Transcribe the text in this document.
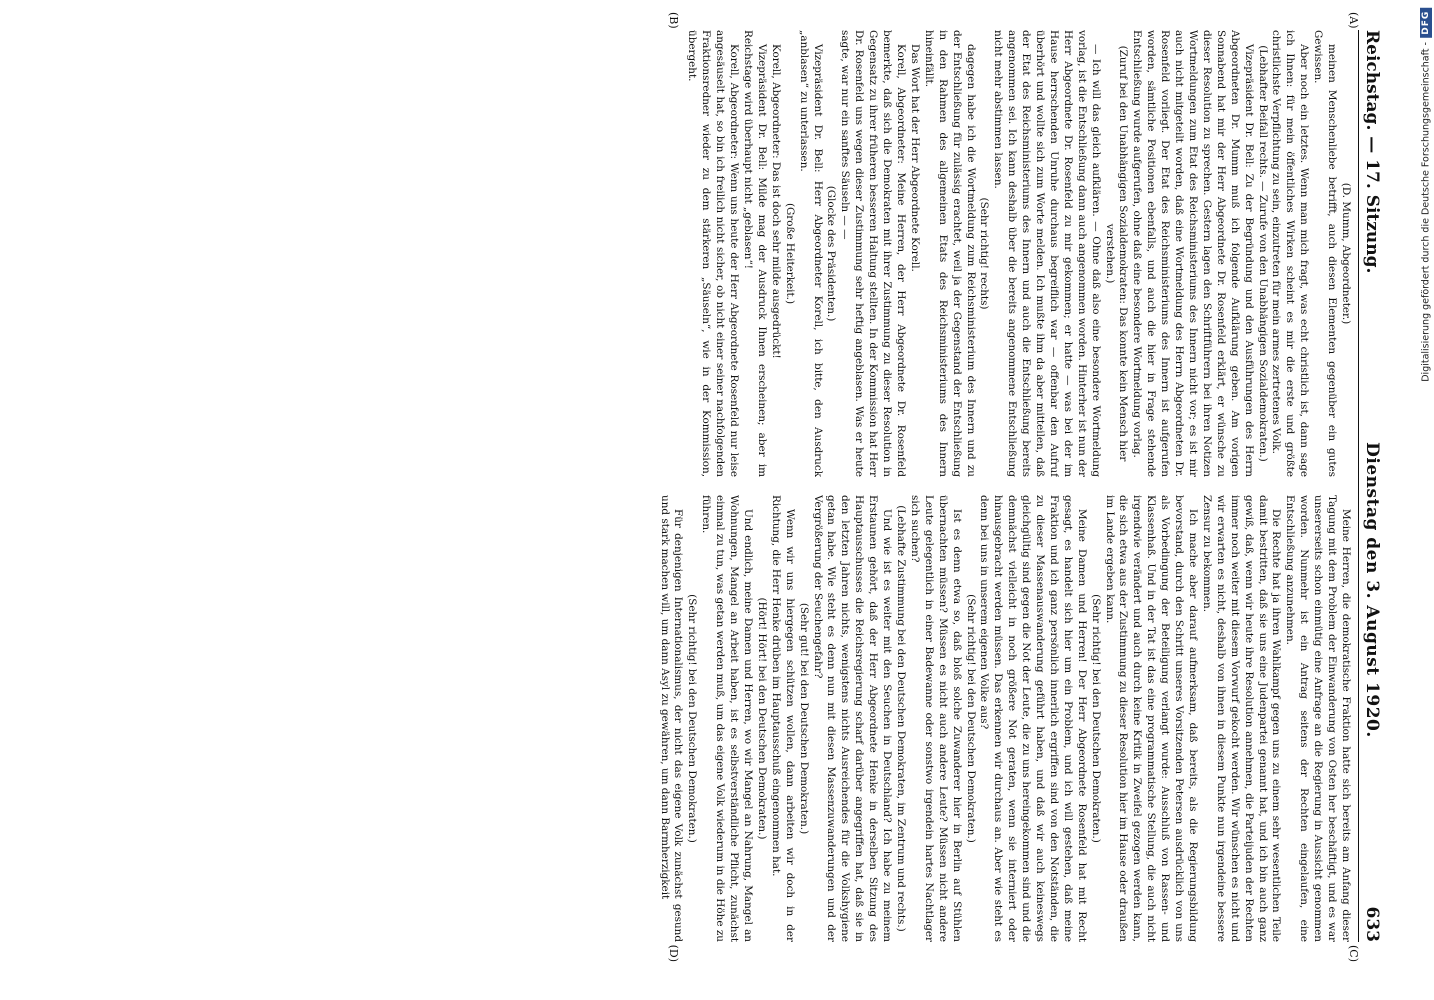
Digitalisierung gefördert durch die Deutsche Forschungsgemeinschaft -
DFG
Reichstag. — 17. Sitzung.
Dienstag den 3. August 1920.
633

(D. Mumm, Abgeordneter.)

meinen Menschenliebe betrifft, auch diesen Elementen gegenüber ein gutes Gewissen.

Aber noch ein letztes. Wenn man mich fragt, was echt christlich ist, dann sage ich Ihnen: für mein öffentliches Wirken scheint es mir die erste und größte christlichste Verpflichtung zu sein, einzutreten für mein armes zertretenes Volk.

(Lebhafter Beifall rechts. — Zurufe von den Unabhängigen Sozialdemokraten.)

Vizepräsident Dr. Bell: Zu der Begründung und den Ausführungen des Herrn Abgeordneten Dr. Mumm muß ich folgende Aufklärung geben. Am vorigen Sonnabend hat mir der Herr Abgeordnete Dr. Rosenfeld erklärt, er wünsche zu dieser Resolution zu sprechen. Gestern lagen den Schriftführern bei ihren Notizen Wortmeldungen zum Etat des Reichsministeriums des Innern nicht vor; es ist mir auch nicht mitgeteilt worden, daß eine Wortmeldung des Herrn Abgeordneten Dr. Rosenfeld vorliegt. Der Etat des Reichsministeriums des Innern ist aufgerufen worden, sämtliche Positionen ebenfalls, und auch die hier in Frage stehende Entschließung wurde aufgerufen, ohne daß eine besondere Wortmeldung vorlag.

(Zuruf bei den Unabhängigen Sozialdemokraten: Das konnte kein Mensch hier verstehen.)

— Ich will das gleich aufklären. — Ohne daß also eine besondere Wortmeldung vorlag, ist die Entschließung dann auch angenommen worden. Hinterher ist nun der Herr Abgeordnete Dr. Rosenfeld zu mir gekommen; er hatte — was bei der im Hause herrschenden Unruhe durchaus begreiflich war — offenbar den Aufruf überhört und wollte sich zum Worte melden. Ich mußte ihm da aber mitteilen, daß der Etat des Reichsministeriums des Innern und auch die Entschließung bereits angenommen sei. Ich kann deshalb über die bereits angenommene Entschließung nicht mehr abstimmen lassen.

(Sehr richtig! rechts)

dagegen habe ich die Wortmeldung zum Reichsministerium des Innern und zu der Entschließung für zulässig erachtet, weil ja der Gegenstand der Entschließung in den Rahmen des allgemeinen Etats des Reichsministeriums des Innern hineinfällt.

Das Wort hat der Herr Abgeordnete Korell.

Korell, Abgeordneter: Meine Herren, der Herr Abgeordnete Dr. Rosenfeld bemerkte, daß sich die Demokraten mit ihrer Zustimmung zu dieser Resolution in Gegensatz zu ihrer früheren besseren Haltung stellten. In der Kommission hat Herr Dr. Rosenfeld uns wegen dieser Zustimmung sehr heftig angeblasen. Was er heute sagte, war nur ein sanftes Säuseln — —

(Glocke des Präsidenten.)

Vizepräsident Dr. Bell: Herr Abgeordneter Korell, ich bitte, den Ausdruck „anblasen“ zu unterlassen.

(Große Heiterkeit.)

Korell, Abgeordneter: Das ist doch sehr milde ausgedrückt!

Vizepräsident Dr. Bell: Milde mag der Ausdruck Ihnen erscheinen; aber im Reichstage wird überhaupt nicht „geblasen“!

Korell, Abgeordneter: Wenn uns heute der Herr Abgeordnete Rosenfeld nur leise angesäuselt hat, so bin ich freilich nicht sicher, ob nicht einer seiner nachfolgenden Fraktionsredner wieder zu dem stärkeren „Säuseln“, wie in der Kommission, übergeht.

Meine Herren, die demokratische Fraktion hatte sich bereits am Anfang dieser Tagung mit dem Problem der Einwanderung von Osten her beschäftigt, und es war unsererseits schon einmütig eine Anfrage an die Regierung in Aussicht genommen worden. Nunmehr ist ein Antrag seitens der Rechten eingelaufen, eine Entschließung anzunehmen.

Die Rechte hat ja ihren Wahlkampf gegen uns zu einem sehr wesentlichen Teile damit bestritten, daß sie uns eine Judenpartei genannt hat, und ich bin auch ganz gewiß, daß, wenn wir heute ihre Resolution annehmen, die Parteijuden der Rechten immer noch weiter mit diesem Vorwurf gekocht werden. Wir wünschen es nicht und wir erwarten es nicht, deshalb von ihnen in diesem Punkte nun irgendeine bessere Zensur zu bekommen.

Ich mache aber darauf aufmerksam, daß bereits, als die Regierungsbildung bevorstand, durch den Schritt unseres Vorsitzenden Petersen ausdrücklich von uns als Vorbedingung der Beteiligung verlangt wurde: Ausschluß von Rassen- und Klassenhaß. Und in der Tat ist das eine programmatische Stellung, die auch nicht irgendwie verändert und auch durch keine Kritik in Zweifel gezogen werden kann, die sich etwa aus der Zustimmung zu dieser Resolution hier im Hause oder draußen im Lande ergeben kann.

(Sehr richtig! bei den Deutschen Demokraten.)

Meine Damen und Herren! Der Herr Abgeordnete Rosenfeld hat mit Recht gesagt, es handelt sich hier um ein Problem, und ich will gestehen, daß meine Fraktion und ich ganz persönlich innerlich ergriffen sind von den Notständen, die zu dieser Massenauswanderung geführt haben, und daß wir auch keineswegs gleichgültig sind gegen die Not der Leute, die zu uns hereingekommen sind und die demnächst vielleicht in noch größere Not geraten, wenn sie interniert oder hinausgebracht werden müssen. Das erkennen wir durchaus an. Aber wie steht es denn bei uns in unserem eigenen Volke aus?

(Sehr richtig! bei den Deutschen Demokraten.)

Ist es denn etwa so, daß bloß solche Zuwanderer hier in Berlin auf Stühlen übernachten müssen? Müssen es nicht auch andere Leute? Müssen nicht andere Leute gelegentlich in einer Badewanne oder sonstwo irgendein hartes Nachtlager sich suchen?

(Lebhafte Zustimmung bei den Deutschen Demokraten, im Zentrum und rechts.)

Und wie ist es weiter mit den Seuchen in Deutschland? Ich habe zu meinem Erstaunen gehört, daß der Herr Abgeordnete Henke in derselben Sitzung des Hauptausschusses die Reichsregierung scharf darüber angegriffen hat, daß sie in den letzten Jahren nichts, wenigstens nichts Ausreichendes für die Volkshygiene getan habe. Wie steht es denn nun mit diesen Massenzuwanderungen und der Vergrößerung der Seuchengefahr?

(Sehr gut! bei den Deutschen Demokraten.)

Wenn wir uns hiergegen schützen wollen, dann arbeiten wir doch in der Richtung, die Herr Henke drüben im Hauptausschuß eingenommen hat.

(Hört! Hört! bei den Deutschen Demokraten.)

Und endlich, meine Damen und Herren, wo wir Mangel an Nahrung, Mangel an Wohnungen, Mangel an Arbeit haben, ist es selbstverständliche Pflicht, zunächst einmal zu tun, was getan werden muß, um das eigene Volk wiederum in die Höhe zu führen.

(Sehr richtig! bei den Deutschen Demokraten.)

Für denjenigen Internationalismus, der nicht das eigene Volk zunächst gesund und stark machen will, um dann Asyl zu gewähren, um dann Barmherzigkeit

(A)
(B)
(C)
(D)
